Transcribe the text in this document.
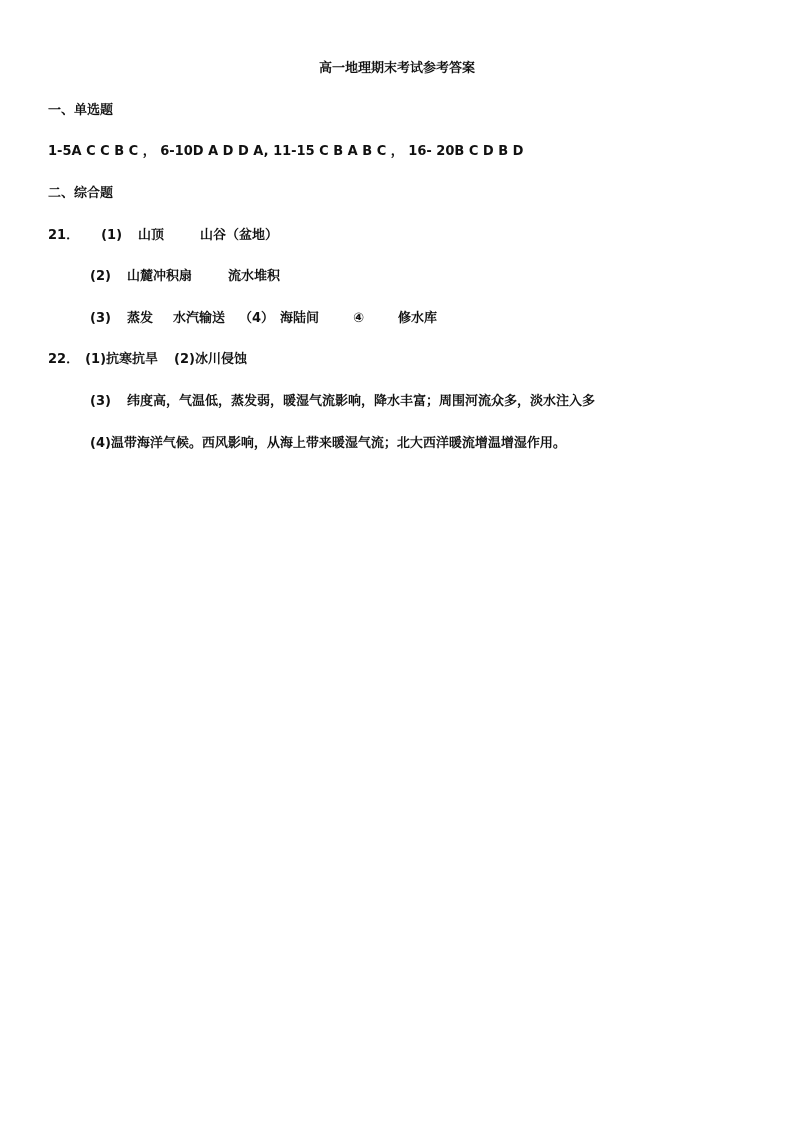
高一地理期末考试参考答案
一、单选题
1-5A C C B C ， 6-10D A D D A, 11-15 C B A B C ， 16- 20B C D B D
二、综合题
21． (1) 山顶	山谷（盆地）
(2) 山麓冲积扇	流水堆积
(3) 蒸发 水汽输送 （4） 海陆间	④	修水库
22． (1)抗寒抗旱 (2)冰川侵蚀
(3) 纬度高，气温低，蒸发弱，暖湿气流影响，降水丰富；周围河流众多，淡水注入多
(4)温带海洋气候。西风影响，从海上带来暖湿气流；北大西洋暖流增温增湿作用。
